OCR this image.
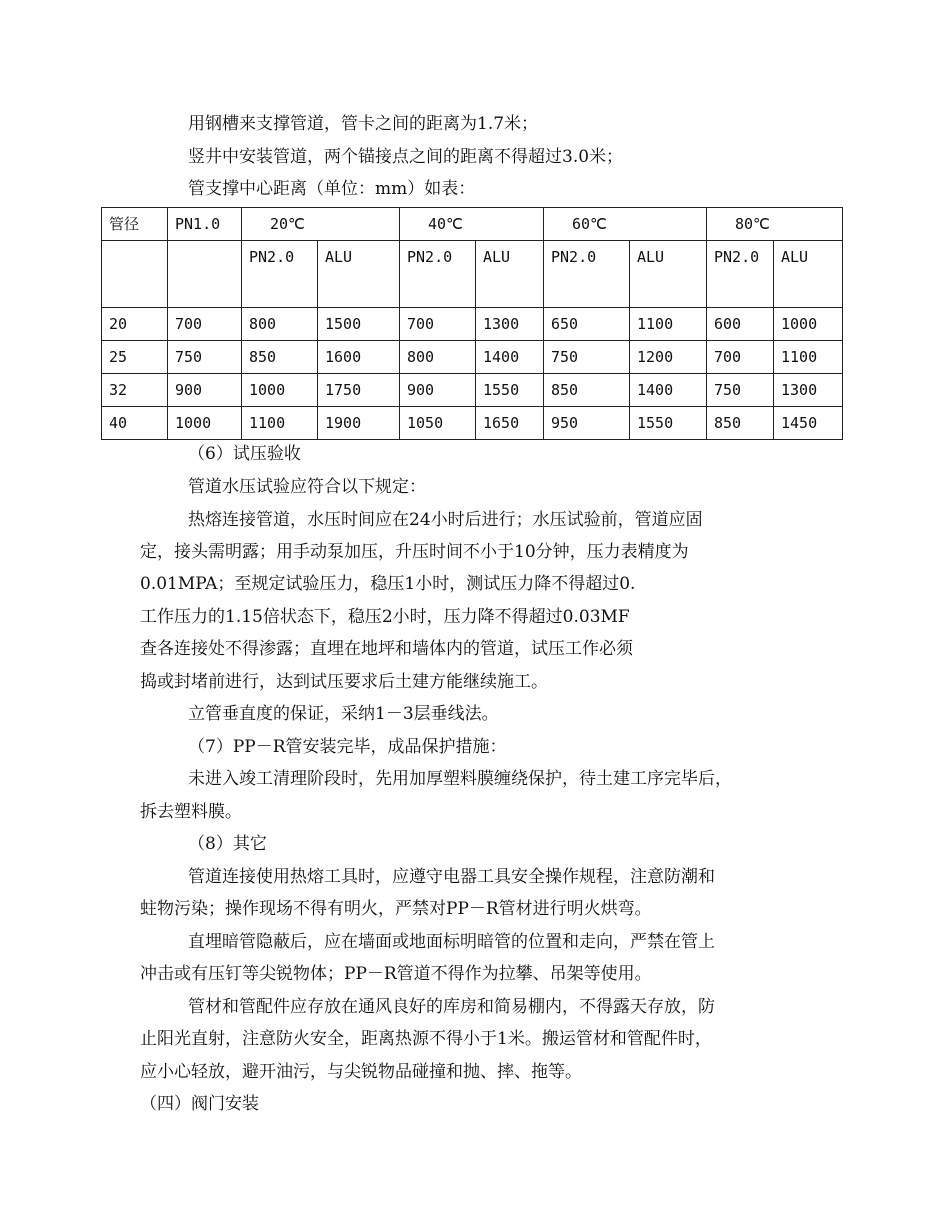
用钢槽来支撑管道，管卡之间的距离为1.7米；
竖井中安装管道，两个锚接点之间的距离不得超过3.0米；
管支撑中心距离（单位：mm）如表：
管径	PN1.0	20℃		40℃		60℃		80℃	
		PN2.0	ALU	PN2.0	ALU	PN2.0	ALU	PN2.0	ALU
20	700	800	1500	700	1300	650	1100	600	1000
25	750	850	1600	800	1400	750	1200	700	1100
32	900	1000	1750	900	1550	850	1400	750	1300
40	1000	1100	1900	1050	1650	950	1550	850	1450
（6）试压验收
管道水压试验应符合以下规定：
热熔连接管道，水压时间应在24小时后进行；水压试验前，管道应固
定，接头需明露；用手动泵加压，升压时间不小于10分钟，压力表精度为
0.01MPA；至规定试验压力，稳压1小时，测试压力降不得超过0.
工作压力的1.15倍状态下，稳压2小时，压力降不得超过0.03MF
查各连接处不得渗露；直埋在地坪和墙体内的管道，试压工作必须
捣或封堵前进行，达到试压要求后土建方能继续施工。
立管垂直度的保证，采纳1－3层垂线法。
（7）PP－R管安装完毕，成品保护措施：
未进入竣工清理阶段时，先用加厚塑料膜缠绕保护，待土建工序完毕后，
拆去塑料膜。
（8）其它
管道连接使用热熔工具时，应遵守电器工具安全操作规程，注意防潮和
蛀物污染；操作现场不得有明火，严禁对PP－R管材进行明火烘弯。
直埋暗管隐蔽后，应在墙面或地面标明暗管的位置和走向，严禁在管上
冲击或有压钉等尖锐物体；PP－R管道不得作为拉攀、吊架等使用。
管材和管配件应存放在通风良好的库房和简易棚内，不得露天存放，防
止阳光直射，注意防火安全，距离热源不得小于1米。搬运管材和管配件时，
应小心轻放，避开油污，与尖锐物品碰撞和抛、摔、拖等。
（四）阀门安装
